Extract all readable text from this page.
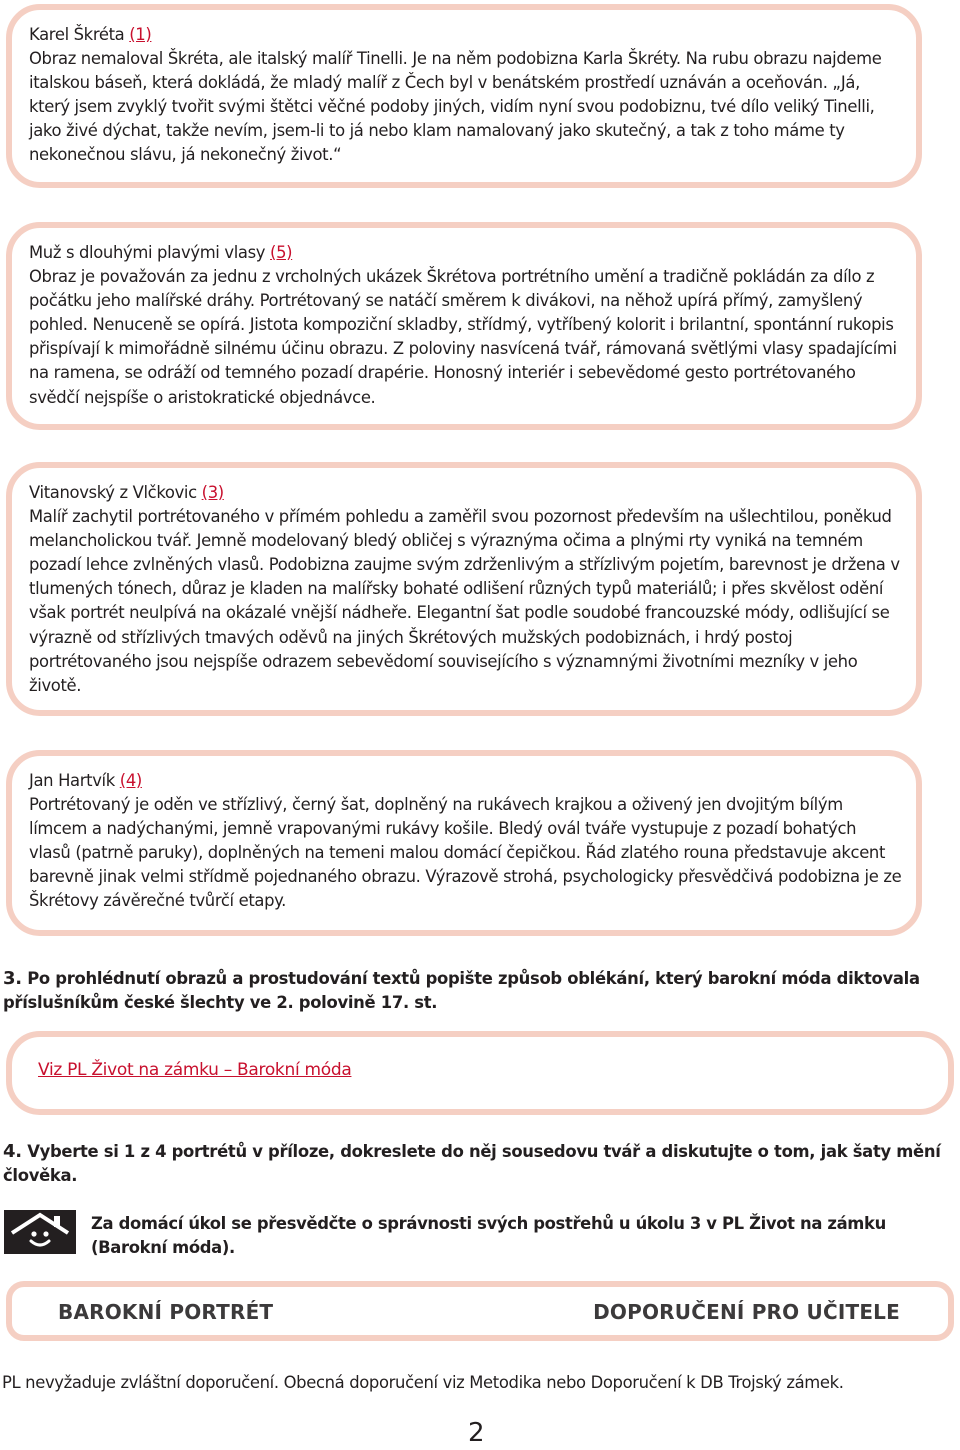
Karel Škréta (1)

Obraz nemaloval Škréta, ale italský malíř Tinelli. Je na něm podobizna Karla Škréty. Na rubu obrazu najdeme italskou báseň, která dokládá, že mladý malíř z Čech byl v benátském prostředí uznáván a oceňován. „Já, který jsem zvyklý tvořit svými štětci věčné podoby jiných, vidím nyní svou podobiznu, tvé dílo veliký Tinelli, jako živé dýchat, takže nevím, jsem-li to já nebo klam namalovaný jako skutečný, a tak z toho máme ty nekonečnou slávu, já nekonečný život.“

Muž s dlouhými plavými vlasy (5)

Obraz je považován za jednu z vrcholných ukázek Škrétova portrétního umění a tradičně pokládán za dílo z počátku jeho malířské dráhy. Portrétovaný se natáčí směrem k divákovi, na něhož upírá přímý, zamyšlený pohled. Nenuceně se opírá. Jistota kompoziční skladby, střídmý, vytříbený kolorit i brilantní, spontánní rukopis přispívají k mimořádně silnému účinu obrazu. Z poloviny nasvícená tvář, rámovaná světlými vlasy spadajícími na ramena, se odráží od temného pozadí drapérie. Honosný interiér i sebevědomé gesto portrétovaného svědčí nejspíše o aristokratické objednávce.

Vitanovský z Vlčkovic (3)

Malíř zachytil portrétovaného v přímém pohledu a zaměřil svou pozornost především na ušlechtilou, poněkud melancholickou tvář. Jemně modelovaný bledý obličej s výraznýma očima a plnými rty vyniká na temném pozadí lehce zvlněných vlasů. Podobizna zaujme svým zdrženlivým a střízlivým pojetím, barevnost je držena v tlumených tónech, důraz je kladen na malířsky bohaté odlišení různých typů materiálů; i přes skvělost odění však portrét neulpívá na okázalé vnější nádheře. Elegantní šat podle soudobé francouzské módy, odlišující se výrazně od střízlivých tmavých oděvů na jiných Škrétových mužských podobiznách, i hrdý postoj portrétovaného jsou nejspíše odrazem sebevědomí souvisejícího s významnými životními mezníky v jeho životě.

Jan Hartvík (4)

Portrétovaný je oděn ve střízlivý, černý šat, doplněný na rukávech krajkou a oživený jen dvojitým bílým límcem a nadýchanými, jemně vrapovanými rukávy košile. Bledý ovál tváře vystupuje z pozadí bohatých vlasů (patrně paruky), doplněných na temeni malou domácí čepičkou. Řád zlatého rouna představuje akcent barevně jinak velmi střídmě pojednaného obrazu. Výrazově strohá, psychologicky přesvědčivá podobizna je ze Škrétovy závěrečné tvůrčí etapy.

3. Po prohlédnutí obrazů a prostudování textů popište způsob oblékání, který barokní móda diktovala příslušníkům české šlechty ve 2. polovině 17. st.
Viz PL Život na zámku – Barokní móda
4. Vyberte si 1 z 4 portrétů v příloze, dokreslete do něj sousedovu tvář a diskutujte o tom, jak šaty mění člověka.
Za domácí úkol se přesvědčte o správnosti svých postřehů u úkolu 3 v PL Život na zámku (Barokní móda).
BAROKNÍ PORTRÉT	DOPORUČENÍ PRO UČITELE
PL nevyžaduje zvláštní doporučení. Obecná doporučení viz Metodika nebo Doporučení k DB Trojský zámek.
2
